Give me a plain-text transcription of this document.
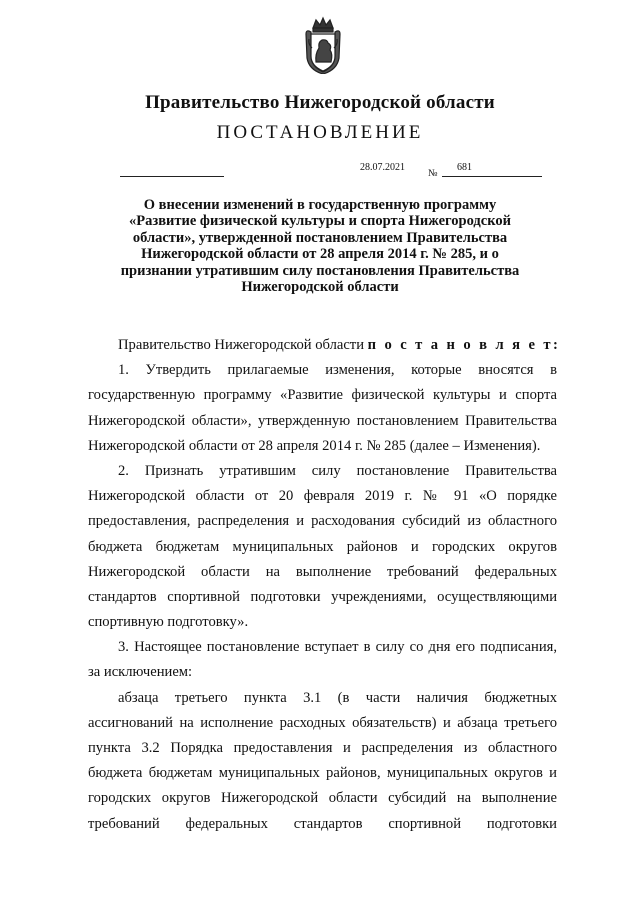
Правительство Нижегородской области
ПОСТАНОВЛЕНИЕ
28.07.2021
№
681
О внесении изменений в государственную программу
«Развитие физической культуры и спорта Нижегородской
области», утвержденной постановлением Правительства
Нижегородской области от 28 апреля 2014 г. № 285, и о
признании утратившим силу постановления Правительства
Нижегородской области
Правительство Нижегородской области п о с т а н о в л я е т:
1. Утвердить прилагаемые изменения, которые вносятся в
государственную программу «Развитие физической культуры и спорта
Нижегородской области», утвержденную постановлением Правительства
Нижегородской области от 28 апреля 2014 г. № 285 (далее – Изменения).
2. Признать утратившим силу постановление Правительства
Нижегородской области от 20 февраля 2019 г. № 91 «О порядке
предоставления, распределения и расходования субсидий из областного
бюджета бюджетам муниципальных районов и городских округов
Нижегородской области на выполнение требований федеральных
стандартов спортивной подготовки учреждениями, осуществляющими
спортивную подготовку».
3. Настоящее постановление вступает в силу со дня его подписания,
за исключением:
абзаца третьего пункта 3.1 (в части наличия бюджетных
ассигнований на исполнение расходных обязательств) и абзаца третьего
пункта 3.2 Порядка предоставления и распределения из областного
бюджета бюджетам муниципальных районов, муниципальных округов и
городских округов Нижегородской области субсидий на выполнение
требований федеральных стандартов спортивной подготовки
